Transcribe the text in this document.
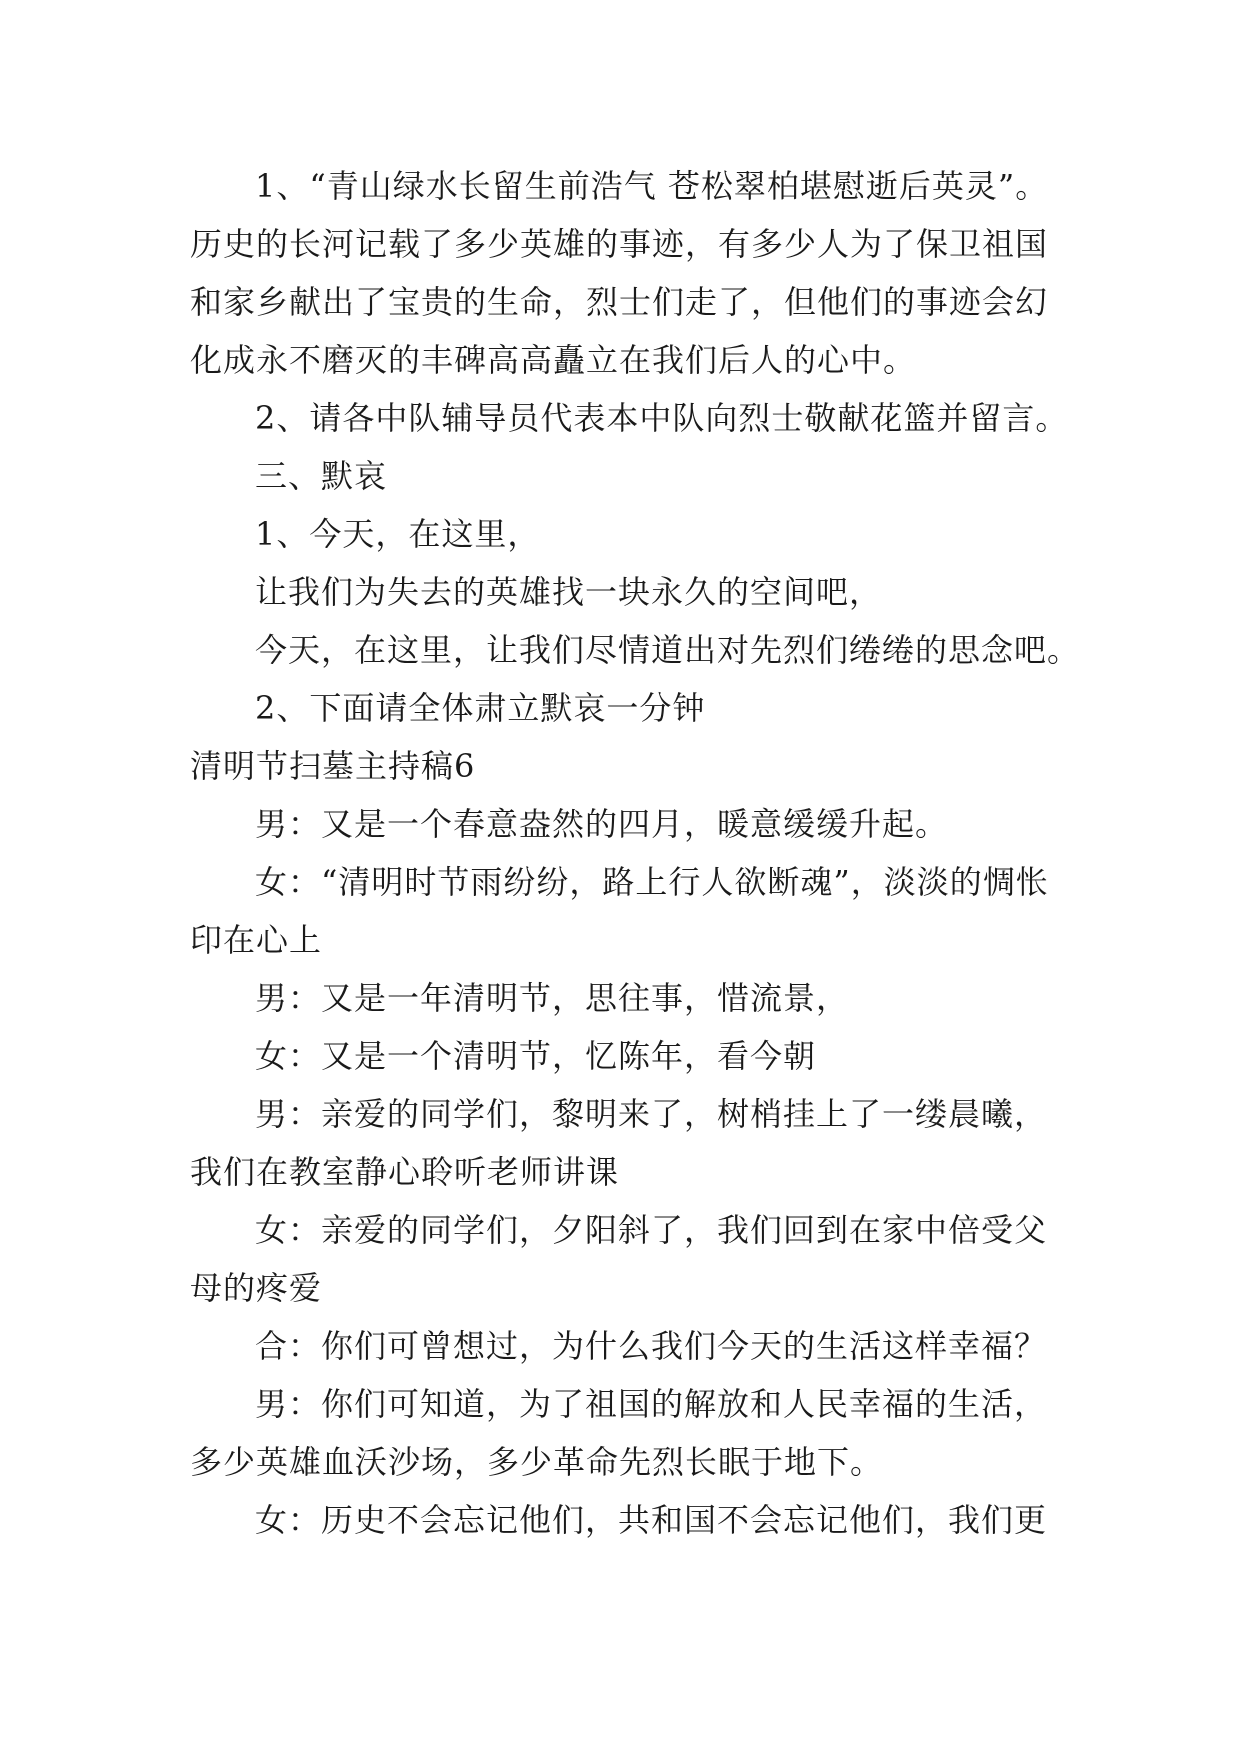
1、“青山绿水长留生前浩气 苍松翠柏堪慰逝后英灵”。
历史的长河记载了多少英雄的事迹，有多少人为了保卫祖国
和家乡献出了宝贵的生命，烈士们走了，但他们的事迹会幻
化成永不磨灭的丰碑高高矗立在我们后人的心中。
2、请各中队辅导员代表本中队向烈士敬献花篮并留言。
三、默哀
1、今天，在这里，
让我们为失去的英雄找一块永久的空间吧，
今天，在这里，让我们尽情道出对先烈们绻绻的思念吧。
2、下面请全体肃立默哀一分钟
清明节扫墓主持稿6
男：又是一个春意盎然的四月，暖意缓缓升起。
女：“清明时节雨纷纷，路上行人欲断魂”，淡淡的惆怅
印在心上
男：又是一年清明节，思往事，惜流景，
女：又是一个清明节，忆陈年，看今朝
男：亲爱的同学们，黎明来了，树梢挂上了一缕晨曦，
我们在教室静心聆听老师讲课
女：亲爱的同学们，夕阳斜了，我们回到在家中倍受父
母的疼爱
合：你们可曾想过，为什么我们今天的生活这样幸福？
男：你们可知道，为了祖国的解放和人民幸福的生活，
多少英雄血沃沙场，多少革命先烈长眠于地下。
女：历史不会忘记他们，共和国不会忘记他们，我们更
